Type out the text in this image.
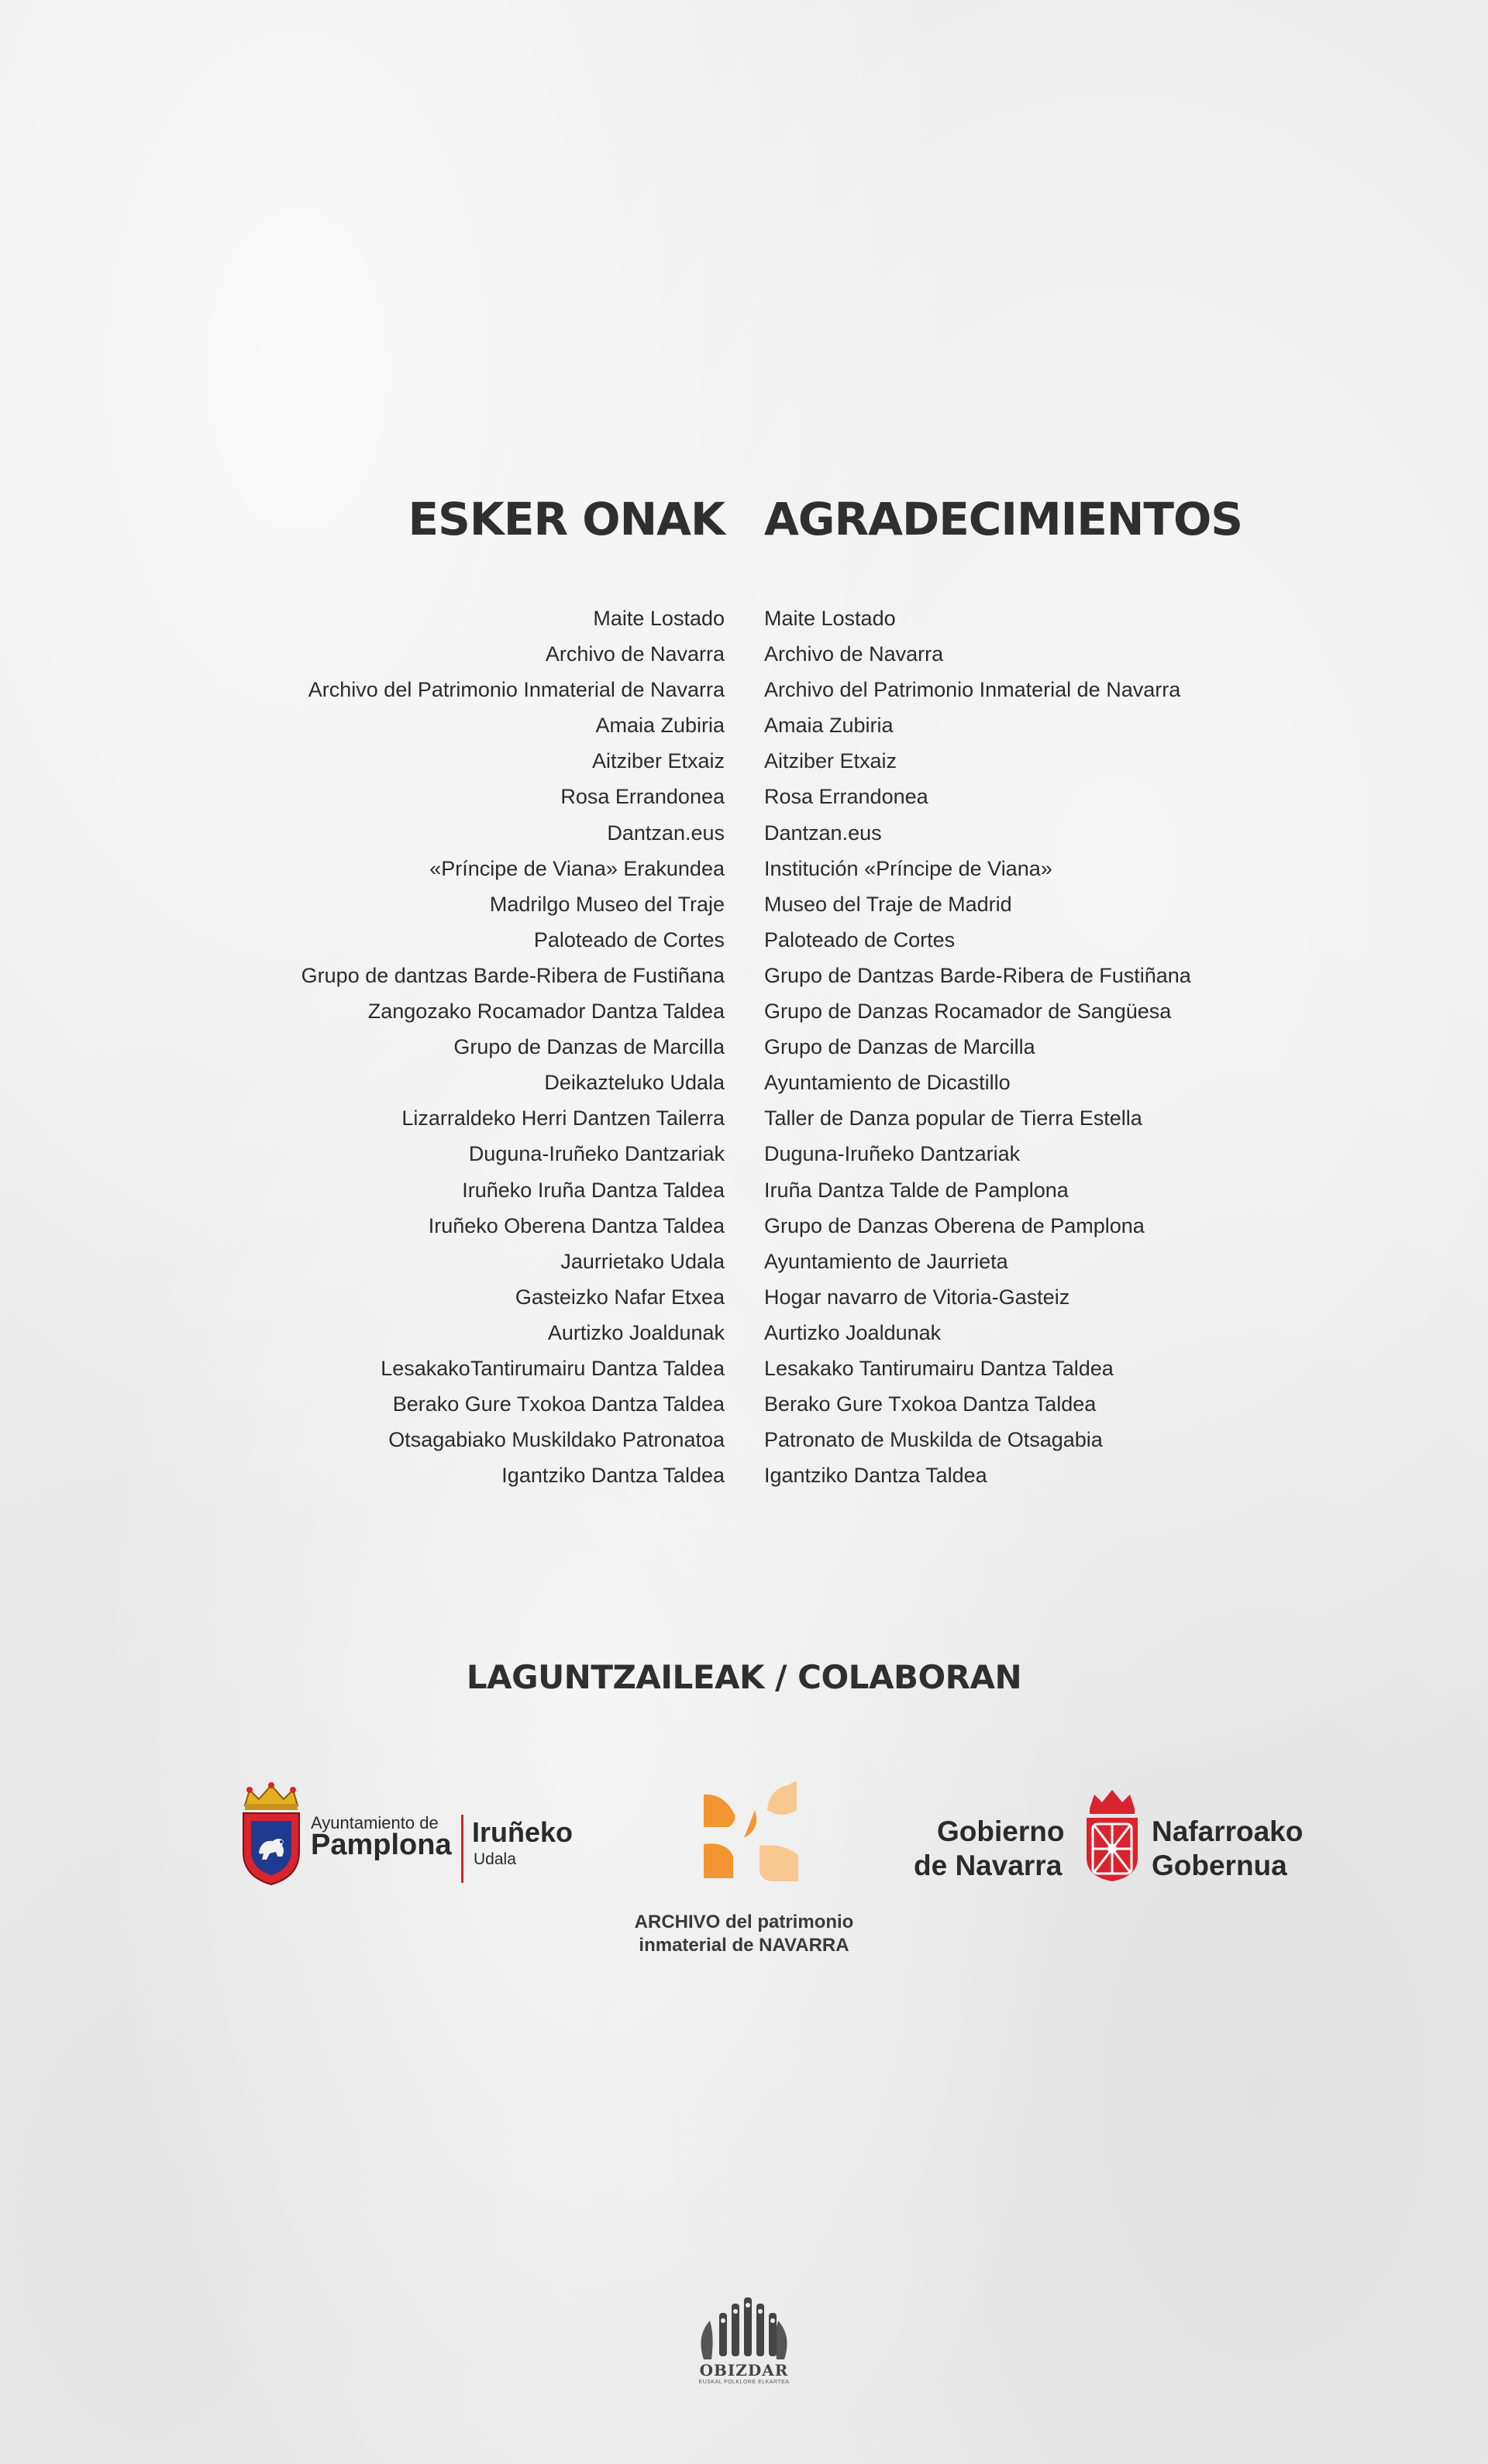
ESKER ONAK AGRADECIMIENTOS
Maite Lostado
Archivo de Navarra
Archivo del Patrimonio Inmaterial de Navarra
Amaia Zubiria
Aitziber Etxaiz
Rosa Errandonea
Dantzan.eus
«Príncipe de Viana» Erakundea
Madrilgo Museo del Traje
Paloteado de Cortes
Grupo de dantzas Barde-Ribera de Fustiñana
Zangozako Rocamador Dantza Taldea
Grupo de Danzas de Marcilla
Deikazteluko Udala
Lizarraldeko Herri Dantzen Tailerra
Duguna-Iruñeko Dantzariak
Iruñeko Iruña Dantza Taldea
Iruñeko Oberena Dantza Taldea
Jaurrietako Udala
Gasteizko Nafar Etxea
Aurtizko Joaldunak
LesakakoTantirumairu Dantza Taldea
Berako Gure Txokoa Dantza Taldea
Otsagabiako Muskildako Patronatoa
Igantziko Dantza Taldea
Maite Lostado
Archivo de Navarra
Archivo del Patrimonio Inmaterial de Navarra
Amaia Zubiria
Aitziber Etxaiz
Rosa Errandonea
Dantzan.eus
Institución «Príncipe de Viana»
Museo del Traje de Madrid
Paloteado de Cortes
Grupo de Dantzas Barde-Ribera de Fustiñana
Grupo de Danzas Rocamador de Sangüesa
Grupo de Danzas de Marcilla
Ayuntamiento de Dicastillo
Taller de Danza popular de Tierra Estella
Duguna-Iruñeko Dantzariak
Iruña Dantza Talde de Pamplona
Grupo de Danzas Oberena de Pamplona
Ayuntamiento de Jaurrieta
Hogar navarro de Vitoria-Gasteiz
Aurtizko Joaldunak
Lesakako Tantirumairu Dantza Taldea
Berako Gure Txokoa Dantza Taldea
Patronato de Muskilda de Otsagabia
Igantziko Dantza Taldea
LAGUNTZAILEAK / COLABORAN
Ayuntamiento de
Pamplona Iruñeko
Udala
ARCHIVO del patrimonio
inmaterial de NAVARRA
Gobierno
de Navarra
Nafarroako
Gobernua
OBIZDAR
EUSKAL FOLKLORE ELKARTEA
